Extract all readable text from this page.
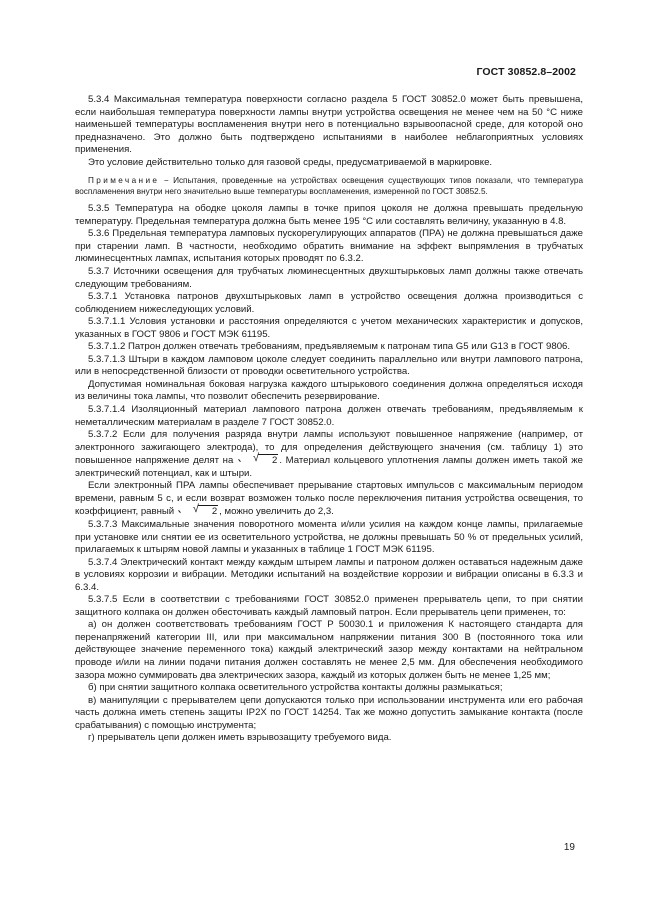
ГОСТ 30852.8–2002

5.3.4 Максимальная температура поверхности согласно раздела 5 ГОСТ 30852.0 может быть превышена, если наибольшая температура поверхности лампы внутри устройства освещения не менее чем на 50 °С ниже наименьшей температуры воспламенения внутри него в потенциально взрывоопасной среде, для которой оно предназначено. Это должно быть подтверждено испытаниями в наиболее неблагоприятных условиях применения.

Это условие действительно только для газовой среды, предусматриваемой в маркировке.

Примечание − Испытания, проведенные на устройствах освещения существующих типов показали, что температура воспламенения внутри него значительно выше температуры воспламенения, измеренной по ГОСТ 30852.5.

5.3.5 Температура на ободке цоколя лампы в точке припоя цоколя не должна превышать предельную температуру. Предельная температура должна быть менее 195 °С или составлять величину, указанную в 4.8.

5.3.6 Предельная температура ламповых пускорегулирующих аппаратов (ПРА) не должна превышаться даже при старении ламп. В частности, необходимо обратить внимание на эффект выпрямления в трубчатых люминесцентных лампах, испытания которых проводят по 6.3.2.

5.3.7 Источники освещения для трубчатых люминесцентных двухштырьковых ламп должны также отвечать следующим требованиям.

5.3.7.1 Установка патронов двухштырьковых ламп в устройство освещения должна производиться с соблюдением нижеследующих условий.

5.3.7.1.1 Условия установки и расстояния определяются с учетом механических характеристик и допусков, указанных в ГОСТ 9806 и ГОСТ МЭК 61195.

5.3.7.1.2 Патрон должен отвечать требованиям, предъявляемым к патронам типа G5 или G13 в ГОСТ 9806.

5.3.7.1.3 Штыри в каждом ламповом цоколе следует соединить параллельно или внутри лампового патрона, или в непосредственной близости от проводки осветительного устройства.

Допустимая номинальная боковая нагрузка каждого штырькового соединения должна определяться исходя из величины тока лампы, что позволит обеспечить резервирование.

5.3.7.1.4 Изоляционный материал лампового патрона должен отвечать требованиям, предъявляемым к неметаллическим материалам в разделе 7 ГОСТ 30852.0.

5.3.7.2 Если для получения разряда внутри лампы используют повышенное напряжение (например, от электронного зажигающего электрода), то для определения действующего значения (см. таблицу 1) это повышенное напряжение делят на	√ 2 . Материал кольцевого уплотнения лампы должен иметь такой же электрический потенциал, как и штыри.

Если электронный ПРА лампы обеспечивает прерывание стартовых импульсов с максимальным периодом времени, равным 5 с, и если возврат возможен только после переключения питания устройства освещения, то коэффициент, равный	√ 2 , можно увеличить до 2,3.

5.3.7.3 Максимальные значения поворотного момента и/или усилия на каждом конце лампы, прилагаемые при установке или снятии ее из осветительного устройства, не должны превышать 50 % от предельных усилий, прилагаемых к штырям новой лампы и указанных в таблице 1 ГОСТ МЭК 61195.

5.3.7.4 Электрический контакт между каждым штырем лампы и патроном должен оставаться надежным даже в условиях коррозии и вибрации. Методики испытаний на воздействие коррозии и вибрации описаны в 6.3.3 и 6.3.4.

5.3.7.5 Если в соответствии с требованиями ГОСТ 30852.0 применен прерыватель цепи, то при снятии защитного колпака он должен обесточивать каждый ламповый патрон. Если прерыватель цепи применен, то:

а) он должен соответствовать требованиям ГОСТ Р 50030.1 и приложения К настоящего стандарта для перенапряжений категории III, или при максимальном напряжении питания 300 В (постоянного тока или действующее значение переменного тока) каждый электрический зазор между контактами на нейтральном проводе и/или на линии подачи питания должен составлять не менее 2,5 мм. Для обеспечения необходимого зазора можно суммировать два электрических зазора, каждый из которых должен быть не менее 1,25 мм;

б) при снятии защитного колпака осветительного устройства контакты должны размыкаться;

в) манипуляции с прерывателем цепи допускаются только при использовании инструмента или его рабочая часть должна иметь степень защиты IP2X по ГОСТ 14254. Так же можно допустить замыкание контакта (после срабатывания) с помощью инструмента;

г) прерыватель цепи должен иметь взрывозащиту требуемого вида.

19
